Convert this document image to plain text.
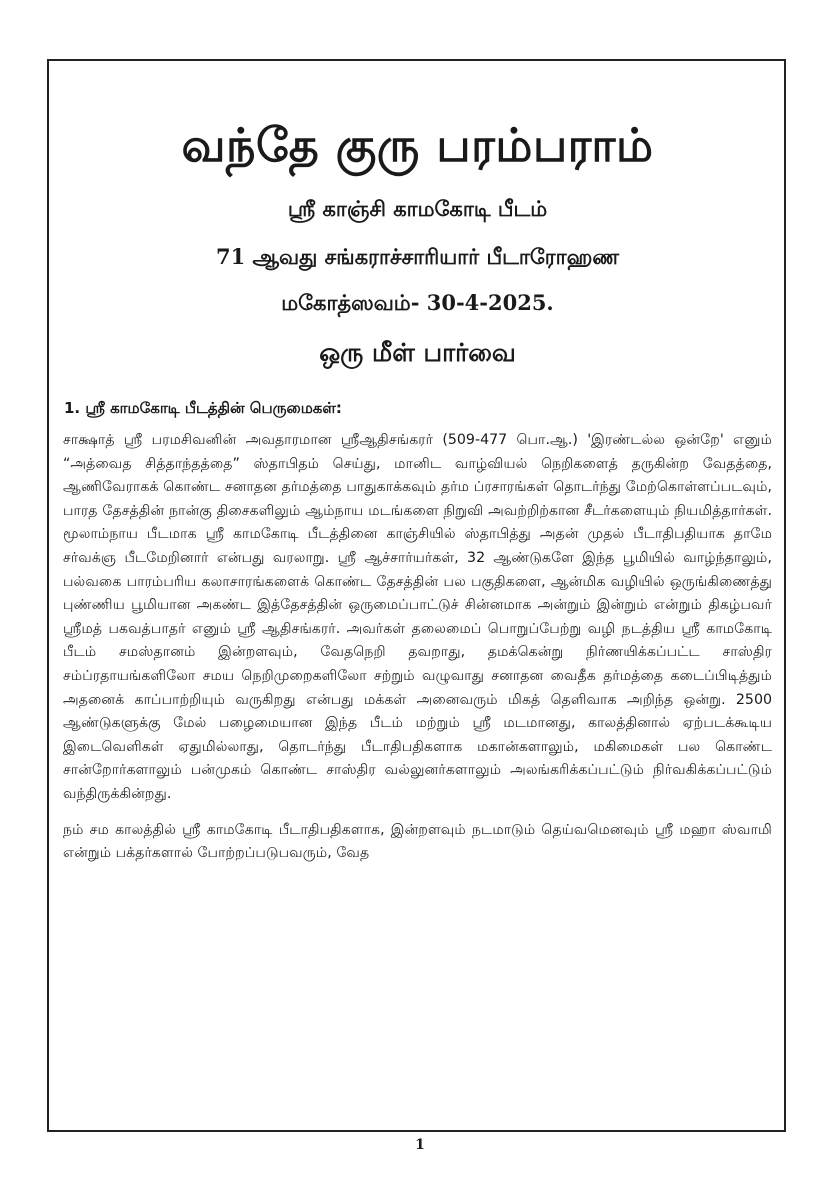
வந்தே குரு பரம்பராம்
ஸ்ரீ காஞ்சி காமகோடி பீடம்
71 ஆவது சங்கராச்சாரியார் பீடாரோஹண
மகோத்ஸவம்- 30-4-2025.
ஒரு மீள் பார்வை
1. ஸ்ரீ காமகோடி பீடத்தின் பெருமைகள்:
சாக்ஷாத் ஸ்ரீ பரமசிவனின் அவதாரமான ஸ்ரீஆதிசங்கரர் (509-477 பொ.ஆ.) 'இரண்டல்ல ஒன்றே' எனும் “அத்வைத சித்தாந்தத்தை” ஸ்தாபிதம் செய்து, மானிட வாழ்வியல் நெறிகளைத் தருகின்ற வேதத்தை, ஆணிவேராகக் கொண்ட சனாதன தர்மத்தை பாதுகாக்கவும் தர்ம ப்ரசாரங்கள் தொடர்ந்து மேற்கொள்ளப்படவும், பாரத தேசத்தின் நான்கு திசைகளிலும் ஆம்நாய மடங்களை நிறுவி அவற்றிற்கான சீடர்களையும் நியமித்தார்கள். மூலாம்நாய பீடமாக ஸ்ரீ காமகோடி பீடத்தினை காஞ்சியில் ஸ்தாபித்து அதன் முதல் பீடாதிபதியாக தாமே சர்வக்ஞ பீடமேறினார் என்பது வரலாறு. ஸ்ரீ ஆச்சார்யர்கள், 32 ஆண்டுகளே இந்த பூமியில் வாழ்ந்தாலும், பல்வகை பாரம்பரிய கலாசாரங்களைக் கொண்ட தேசத்தின் பல பகுதிகளை, ஆன்மிக வழியில் ஒருங்கிணைத்து புண்ணிய பூமியான அகண்ட இத்தேசத்தின் ஒருமைப்பாட்டுச் சின்னமாக அன்றும் இன்றும் என்றும் திகழ்பவர் ஸ்ரீமத் பகவத்பாதர் எனும் ஸ்ரீ ஆதிசங்கரர். அவர்கள் தலைமைப் பொறுப்பேற்று வழி நடத்திய ஸ்ரீ காமகோடி பீடம் சமஸ்தானம் இன்றளவும், வேதநெறி தவறாது, தமக்கென்று நிர்ணயிக்கப்பட்ட சாஸ்திர சம்ப்ரதாயங்களிலோ சமய நெறிமுறைகளிலோ சற்றும் வழுவாது சனாதன வைதீக தர்மத்தை கடைப்பிடித்தும் அதனைக் காப்பாற்றியும் வருகிறது என்பது மக்கள் அனைவரும் மிகத் தெளிவாக அறிந்த ஒன்று. 2500 ஆண்டுகளுக்கு மேல் பழைமையான இந்த பீடம் மற்றும் ஸ்ரீ மடமானது, காலத்தினால் ஏற்படக்கூடிய இடைவெளிகள் ஏதுமில்லாது, தொடர்ந்து பீடாதிபதிகளாக மகான்களாலும், மகிமைகள் பல கொண்ட சான்றோர்களாலும் பன்முகம் கொண்ட சாஸ்திர வல்லுனர்களாலும் அலங்கரிக்கப்பட்டும் நிர்வகிக்கப்பட்டும் வந்திருக்கின்றது.
நம் சம காலத்தில் ஸ்ரீ காமகோடி பீடாதிபதிகளாக, இன்றளவும் நடமாடும் தெய்வமெனவும் ஸ்ரீ மஹா ஸ்வாமி என்றும் பக்தர்களால் போற்றப்படுபவரும், வேத
1
